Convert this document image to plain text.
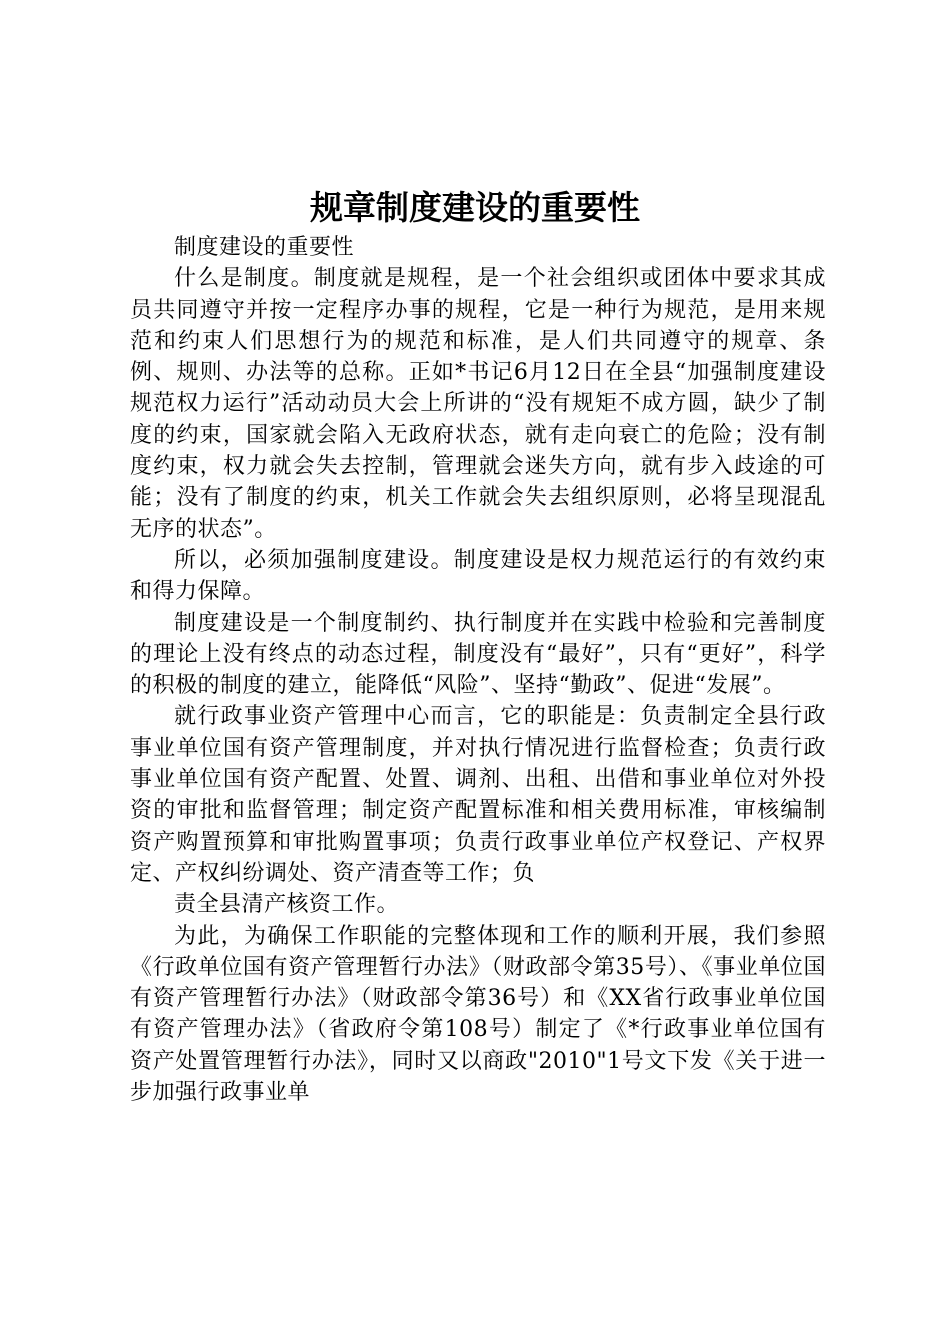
规章制度建设的重要性

制度建设的重要性

什么是制度。制度就是规程，是一个社会组织或团体中要求其成员共同遵守并按一定程序办事的规程，它是一种行为规范，是用来规范和约束人们思想行为的规范和标准，是人们共同遵守的规章、条例、规则、办法等的总称。正如*书记6月12日在全县“加强制度建设规范权力运行”活动动员大会上所讲的“没有规矩不成方圆，缺少了制度的约束，国家就会陷入无政府状态，就有走向衰亡的危险；没有制度约束，权力就会失去控制，管理就会迷失方向，就有步入歧途的可能；没有了制度的约束，机关工作就会失去组织原则，必将呈现混乱无序的状态”。

所以，必须加强制度建设。制度建设是权力规范运行的有效约束和得力保障。

制度建设是一个制度制约、执行制度并在实践中检验和完善制度的理论上没有终点的动态过程，制度没有“最好”，只有“更好”，科学的积极的制度的建立，能降低“风险”、坚持“勤政”、促进“发展”。

就行政事业资产管理中心而言，它的职能是：负责制定全县行政事业单位国有资产管理制度，并对执行情况进行监督检查；负责行政事业单位国有资产配置、处置、调剂、出租、出借和事业单位对外投资的审批和监督管理；制定资产配置标准和相关费用标准，审核编制资产购置预算和审批购置事项；负责行政事业单位产权登记、产权界定、产权纠纷调处、资产清查等工作；负

责全县清产核资工作。

为此，为确保工作职能的完整体现和工作的顺利开展，我们参照《行政单位国有资产管理暂行办法》（财政部令第35号）、《事业单位国有资产管理暂行办法》（财政部令第36号）和《XX省行政事业单位国有资产管理办法》（省政府令第108号）制定了《*行政事业单位国有资产处置管理暂行办法》，同时又以商政"2010"1号文下发《关于进一步加强行政事业单
